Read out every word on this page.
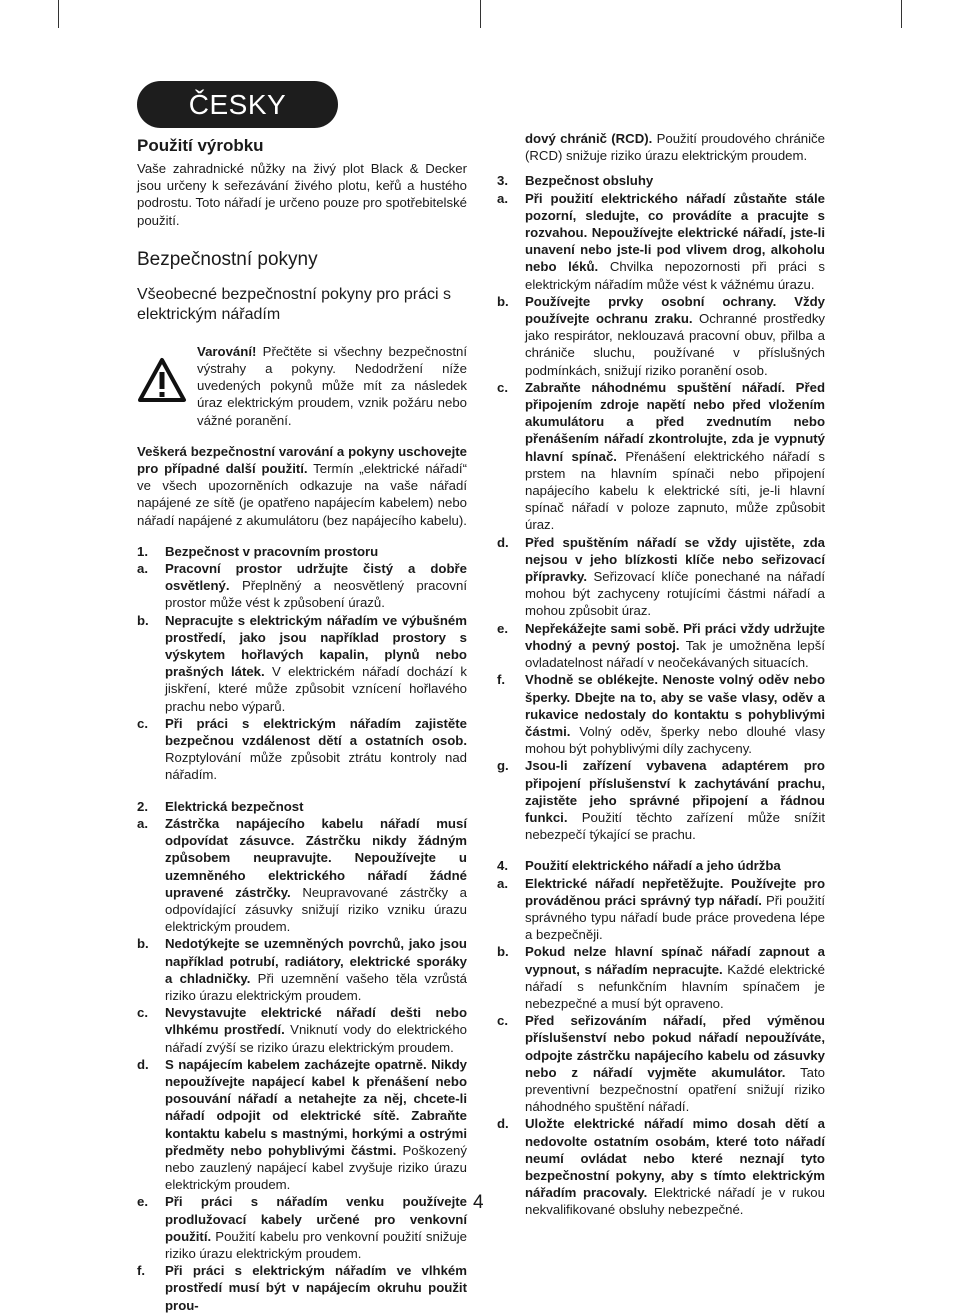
ČESKY
Použití výrobku

Vaše zahradnické nůžky na živý plot Black & Decker jsou určeny k seřezávání živého plotu, keřů a hustého podrostu. Toto nářadí je určeno pouze pro spotřebitelské použití.

Bezpečnostní pokyny
Všeobecné bezpečnostní pokyny pro práci s elektrickým nářadím

Varování! Přečtěte si všechny bezpečnostní výstrahy a pokyny. Nedodržení níže uvedených pokynů může mít za následek úraz elektrickým proudem, vznik požáru nebo vážné poranění.

Veškerá bezpečnostní varování a pokyny uschovejte pro případné další použití. Termín „elektrické nářadí“ ve všech upozorněních odkazuje na vaše nářadí napájené ze sítě (je opatřeno napájecím kabelem) nebo nářadí napájené z akumulátoru (bez napájecího kabelu).

1.	Bezpečnost v pracovním prostoru
a.	Pracovní prostor udržujte čistý a dobře osvětlený. Přeplněný a neosvětlený pracovní prostor může vést k způsobení úrazů.

b.	Nepracujte s elektrickým nářadím ve výbušném prostředí, jako jsou například prostory s výskytem hořlavých kapalin, plynů nebo prašných látek. V elektrickém nářadí dochází k jiskření, které může způsobit vznícení hořlavého prachu nebo výparů.

c.	Při práci s elektrickým nářadím zajistěte bezpečnou vzdálenost dětí a ostatních osob. Rozptylování může způsobit ztrátu kontroly nad nářadím.

2.	Elektrická bezpečnost
a.	Zástrčka napájecího kabelu nářadí musí odpovídat zásuvce. Zástrčku nikdy žádným způsobem neupravujte. Nepoužívejte u uzemněného elektrického nářadí žádné upravené zástrčky. Neupravované zástrčky a odpovídající zásuvky snižují riziko vzniku úrazu elektrickým proudem.

b.	Nedotýkejte se uzemněných povrchů, jako jsou například potrubí, radiátory, elektrické sporáky a chladničky. Při uzemnění vašeho těla vzrůstá riziko úrazu elektrickým proudem.

c.	Nevystavujte elektrické nářadí dešti nebo vlhkému prostředí. Vniknutí vody do elektrického nářadí zvýší se riziko úrazu elektrickým proudem.

d.	S napájecím kabelem zacházejte opatrně. Nikdy nepoužívejte napájecí kabel k přenášení nebo posouvání nářadí a netahejte za něj, chcete-li nářadí odpojit od elektrické sítě. Zabraňte kontaktu kabelu s mastnými, horkými a ostrými předměty nebo pohyblivými částmi. Poškozený nebo zauzlený napájecí kabel zvyšuje riziko úrazu elektrickým proudem.

e.	Při práci s nářadím venku používejte prodlužovací kabely určené pro venkovní použití. Použití kabelu pro venkovní použití snižuje riziko úrazu elektrickým proudem.

f.	Při práci s elektrickým nářadím ve vlhkém prostředí musí být v napájecím okruhu použit prou-

dový chránič (RCD). Použití proudového chrániče (RCD) snižuje riziko úrazu elektrickým proudem.

3.	Bezpečnost obsluhy
a.	Při použití elektrického nářadí zůstaňte stále pozorní, sledujte, co provádíte a pracujte s rozvahou. Nepoužívejte elektrické nářadí, jste-li unavení nebo jste-li pod vlivem drog, alkoholu nebo léků. Chvilka nepozornosti při práci s elektrickým nářadím může vést k vážnému úrazu.

b.	Používejte prvky osobní ochrany. Vždy používejte ochranu zraku. Ochranné prostředky jako respirátor, neklouzavá pracovní obuv, přilba a chrániče sluchu, používané v příslušných podmínkách, snižují riziko poranění osob.

c.	Zabraňte náhodnému spuštění nářadí. Před připojením zdroje napětí nebo před vložením akumulátoru a před zvednutím nebo přenášením nářadí zkontrolujte, zda je vypnutý hlavní spínač. Přenášení elektrického nářadí s prstem na hlavním spínači nebo připojení napájecího kabelu k elektrické síti, je-li hlavní spínač nářadí v poloze zapnuto, může způsobit úraz.

d.	Před spuštěním nářadí se vždy ujistěte, zda nejsou v jeho blízkosti klíče nebo seřizovací přípravky. Seřizovací klíče ponechané na nářadí mohou být zachyceny rotujícími částmi nářadí a mohou způsobit úraz.

e.	Nepřekážejte sami sobě. Při práci vždy udržujte vhodný a pevný postoj. Tak je umožněna lepší ovladatelnost nářadí v neočekávaných situacích.

f.	Vhodně se oblékejte. Nenoste volný oděv nebo šperky. Dbejte na to, aby se vaše vlasy, oděv a rukavice nedostaly do kontaktu s pohyblivými částmi. Volný oděv, šperky nebo dlouhé vlasy mohou být pohyblivými díly zachyceny.

g.	Jsou-li zařízení vybavena adaptérem pro připojení příslušenství k zachytávání prachu, zajistěte jeho správné připojení a řádnou funkci. Použití těchto zařízení může snížit nebezpečí týkající se prachu.

4.	Použití elektrického nářadí a jeho údržba
a.	Elektrické nářadí nepřetěžujte. Používejte pro prováděnou práci správný typ nářadí. Při použití správného typu nářadí bude práce provedena lépe a bezpečněji.

b.	Pokud nelze hlavní spínač nářadí zapnout a vypnout, s nářadím nepracujte. Každé elektrické nářadí s nefunkčním hlavním spínačem je nebezpečné a musí být opraveno.

c.	Před seřizováním nářadí, před výměnou příslušenství nebo pokud nářadí nepoužíváte, odpojte zástrčku napájecího kabelu od zásuvky nebo z nářadí vyjměte akumulátor. Tato preventivní bezpečnostní opatření snižují riziko náhodného spuštění nářadí.

d.	Uložte elektrické nářadí mimo dosah dětí a nedovolte ostatním osobám, které toto nářadí neumí ovládat nebo které neznají tyto bezpečnostní pokyny, aby s tímto elektrickým nářadím pracovaly. Elektrické nářadí je v rukou nekvalifikované obsluhy nebezpečné.

4
